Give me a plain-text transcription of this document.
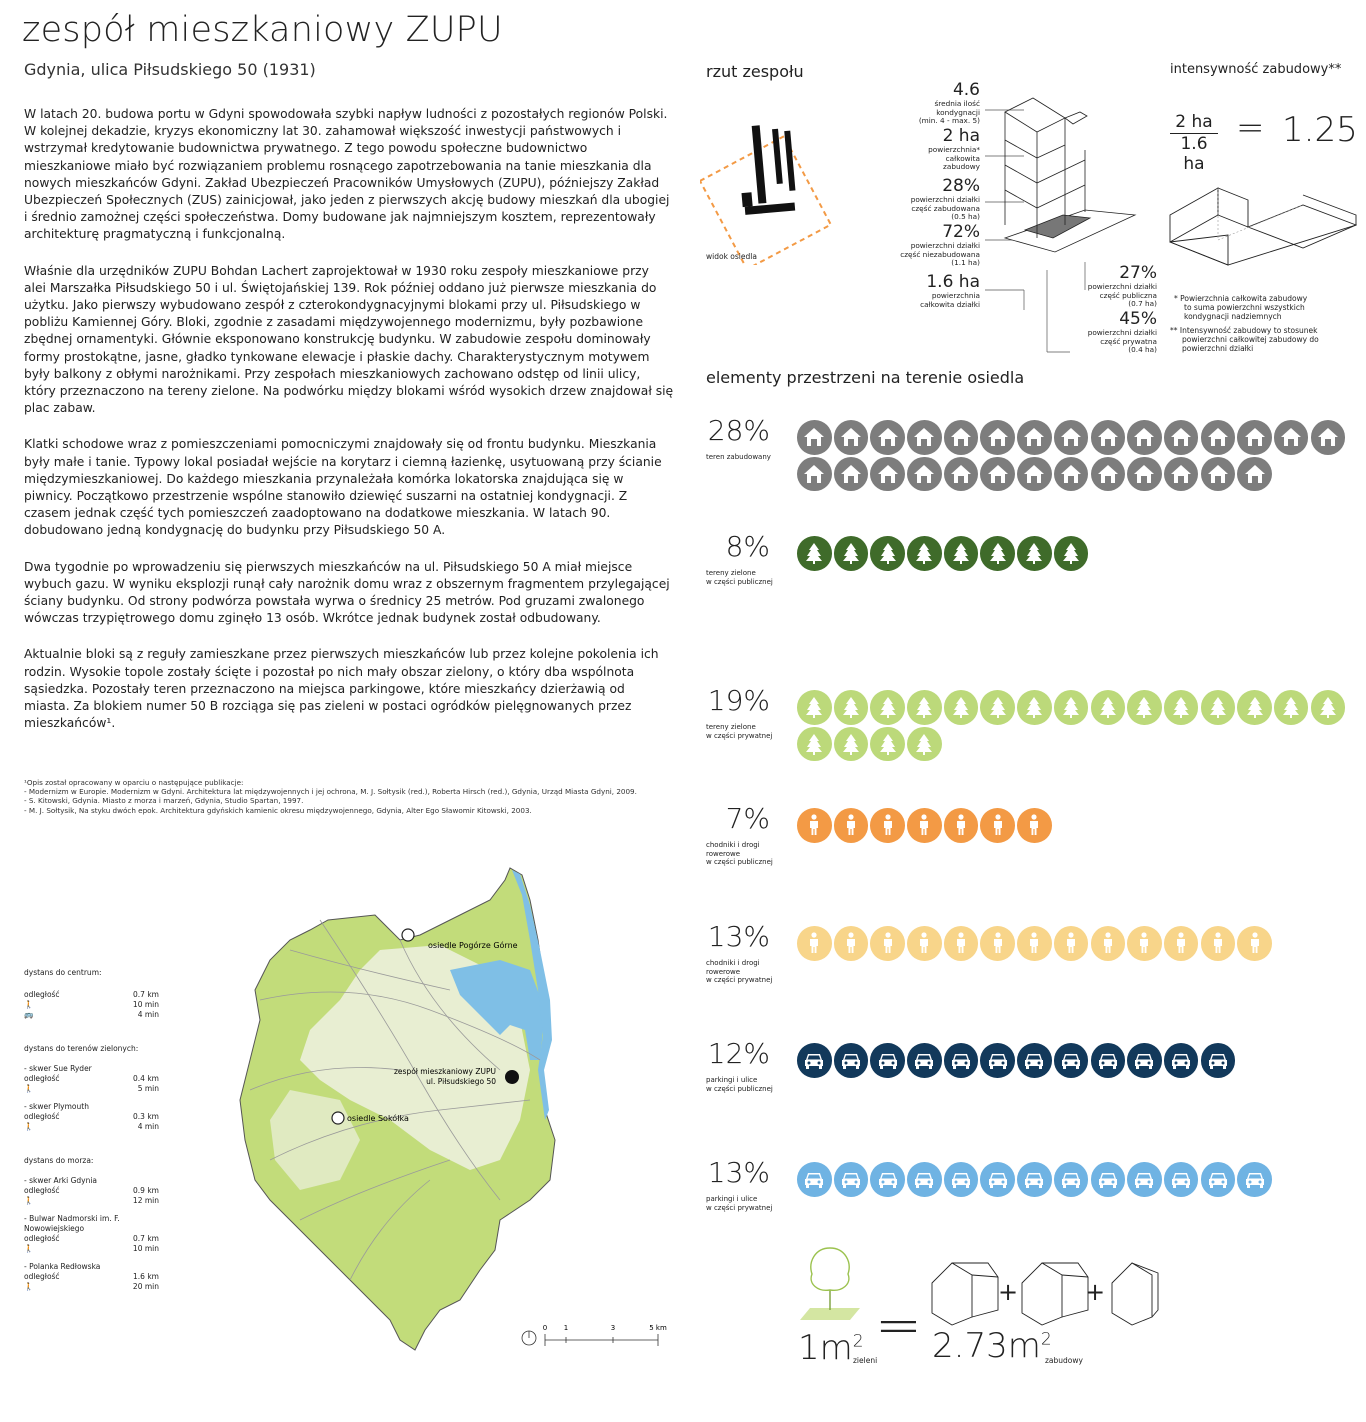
zespół mieszkaniowy ZUPU
Gdynia, ulica Piłsudskiego 50 (1931)

W latach 20. budowa portu w Gdyni spowodowała szybki napływ ludności z pozostałych regionów Polski. W kolejnej dekadzie, kryzys ekonomiczny lat 30. zahamował większość inwestycji państwowych i wstrzymał kredytowanie budownictwa prywatnego. Z tego powodu społeczne budownictwo mieszkaniowe miało być rozwiązaniem problemu rosnącego zapotrzebowania na tanie mieszkania dla nowych mieszkańców Gdyni. Zakład Ubezpieczeń Pracowników Umysłowych (ZUPU), późniejszy Zakład Ubezpieczeń Społecznych (ZUS) zainicjował, jako jeden z pierwszych akcję budowy mieszkań dla ubogiej i średnio zamożnej części społeczeństwa. Domy budowane jak najmniejszym kosztem, reprezentowały architekturę pragmatyczną i funkcjonalną.

Właśnie dla urzędników ZUPU Bohdan Lachert zaprojektował w 1930 roku zespoły mieszkaniowe przy alei Marszałka Piłsudskiego 50 i ul. Świętojańskiej 139. Rok później oddano już pierwsze mieszkania do użytku. Jako pierwszy wybudowano zespół z czterokondygnacyjnymi blokami przy ul. Piłsudskiego w pobliżu Kamiennej Góry. Bloki, zgodnie z zasadami międzywojennego modernizmu, były pozbawione zbędnej ornamentyki. Głównie eksponowano konstrukcję budynku. W zabudowie zespołu dominowały formy prostokątne, jasne, gładko tynkowane elewacje i płaskie dachy. Charakterystycznym motywem były balkony z obłymi narożnikami. Przy zespołach mieszkaniowych zachowano odstęp od linii ulicy, który przeznaczono na tereny zielone. Na podwórku między blokami wśród wysokich drzew znajdował się plac zabaw.

Klatki schodowe wraz z pomieszczeniami pomocniczymi znajdowały się od frontu budynku. Mieszkania były małe i tanie. Typowy lokal posiadał wejście na korytarz i ciemną łazienkę, usytuowaną przy ścianie międzymieszkaniowej. Do każdego mieszkania przynależała komórka lokatorska znajdująca się w piwnicy. Początkowo przestrzenie wspólne stanowiło dziewięć suszarni na ostatniej kondygnacji. Z czasem jednak część tych pomieszczeń zaadoptowano na dodatkowe mieszkania. W latach 90. dobudowano jedną kondygnację do budynku przy Piłsudskiego 50 A.

Dwa tygodnie po wprowadzeniu się pierwszych mieszkańców na ul. Piłsudskiego 50 A miał miejsce wybuch gazu. W wyniku eksplozji runął cały narożnik domu wraz z obszernym fragmentem przylegającej ściany budynku. Od strony podwórza powstała wyrwa o średnicy 25 metrów. Pod gruzami zwalonego wówczas trzypiętrowego domu zginęło 13 osób. Wkrótce jednak budynek został odbudowany.

Aktualnie bloki są z reguły zamieszkane przez pierwszych mieszkańców lub przez kolejne pokolenia ich rodzin. Wysokie topole zostały ścięte i pozostał po nich mały obszar zielony, o który dba wspólnota sąsiedzka. Pozostały teren przeznaczono na miejsca parkingowe, które mieszkańcy dzierżawią od miasta. Za blokiem numer 50 B rozciąga się pas zieleni w postaci ogródków pielęgnowanych przez mieszkańców¹.

¹Opis został opracowany w oparciu o następujące publikacje:
- Modernizm w Europie. Modernizm w Gdyni. Architektura lat międzywojennych i jej ochrona, M. J. Sołtysik (red.), Roberta Hirsch (red.), Gdynia, Urząd Miasta Gdyni, 2009.
- S. Kitowski, Gdynia. Miasto z morza i marzeń, Gdynia, Studio Spartan, 1997.
- M. J. Sołtysik, Na styku dwóch epok. Architektura gdyńskich kamienic okresu międzywojennego, Gdynia, Alter Ego Sławomir Kitowski, 2003.
dystans do centrum:
odległość	0.7 km
🚶	10 min
🚌	4 min
dystans do terenów zielonych:
- skwer Sue Ryder
odległość	0.4 km
🚶	5 min
- skwer Plymouth
odległość	0.3 km
🚶	4 min
dystans do morza:
- skwer Arki Gdynia
odległość	0.9 km
🚶	12 min
- Bulwar Nadmorski im. F. Nowowiejskiego
odległość	0.7 km
🚶	10 min
- Polanka Redłowska
odległość	1.6 km
🚶	20 min
osiedle Pogórze Górne
zespół mieszkaniowy ZUPU
ul. Piłsudskiego 50
osiedle Sokółka
0 1	3	5 km
rzut zespołu
widok osiedla
4.6
średnia ilość
kondygnacji
(min. 4 - max. 5)
2 ha
powierzchnia*
całkowita
zabudowy
28%
powierzchni działki
część zabudowana
(0.5 ha)
72%
powierzchni działki
część niezabudowana
(1.1 ha)
1.6 ha
powierzchnia
całkowita działki
27%
powierzchni działki
część publiczna
(0.7 ha)
45%
powierzchni działki
część prywatna
(0.4 ha)
intensywność zabudowy**
2 ha
1.6 ha
= 1.25
* Powierzchnia całkowita zabudowy
to suma powierzchni wszystkich
kondygnacji nadziemnych
** Intensywność zabudowy to stosunek
powierzchni całkowitej zabudowy do
powierzchni działki
elementy przestrzeni na terenie osiedla
28%
teren zabudowany
8%
tereny zielone
w części publicznej
19%
tereny zielone
w części prywatnej
7%
chodniki i drogi
rowerowe
w części publicznej
13%
chodniki i drogi
rowerowe
w części prywatnej
12%
parkingi i ulice
w części publicznej
13%
parkingi i ulice
w części prywatnej
$1m^2$
zieleni
= $2.73m^2$
zabudowy
+	+
